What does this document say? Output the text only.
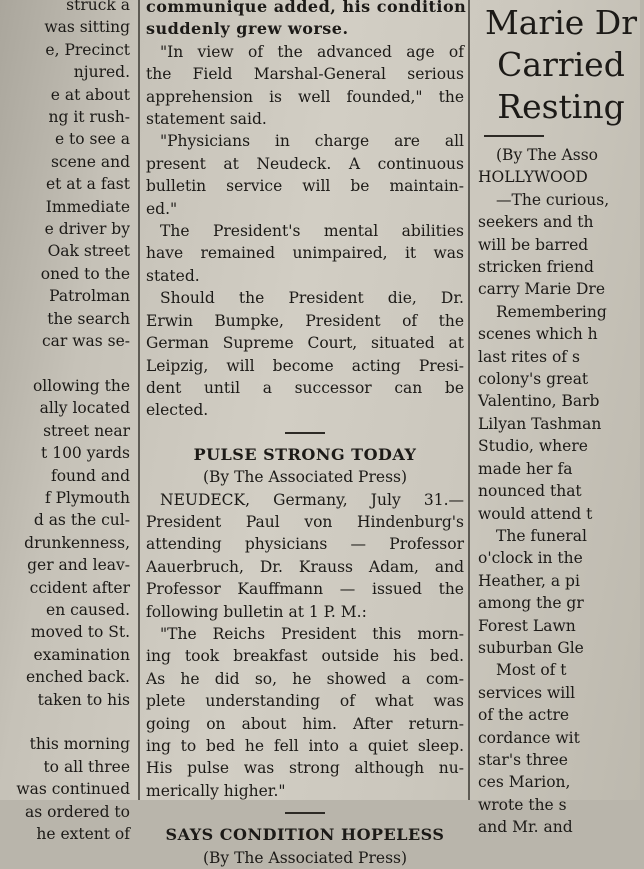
struck a
was sitting
e, Precinct
njured.
e at about
ng it rush-
e to see a
scene and
et at a fast
Immediate
e driver by
Oak street
oned to the
Patrolman
the search
car was se-

ollowing the
ally located
street near
t 100 yards
found and
f Plymouth
d as the cul-
drunkenness,
ger and leav-
ccident after
en caused.
moved to St.
examination
enched back.
taken to his

this morning
to all three
was continued
as ordered to
he extent of
communique added, his condition
suddenly grew worse.
"In view of the advanced age of
the Field Marshal-General serious
apprehension is well founded," the
statement said.
"Physicians in charge are all
present at Neudeck. A continuous
bulletin service will be maintain-
ed."
The President's mental abilities
have remained unimpaired, it was
stated.
Should the President die, Dr.
Erwin Bumpke, President of the
German Supreme Court, situated at
Leipzig, will become acting Presi-
dent until a successor can be
elected.
PULSE STRONG TODAY
(By The Associated Press)
NEUDECK, Germany, July 31.—
President Paul von Hindenburg's
attending physicians — Professor
Aauerbruch, Dr. Krauss Adam, and
Professor Kauffmann — issued the
following bulletin at 1 P. M.:
"The Reichs President this morn-
ing took breakfast outside his bed.
As he did so, he showed a com-
plete understanding of what was
going on about him. After return-
ing to bed he fell into a quiet sleep.
His pulse was strong although nu-
merically higher."
SAYS CONDITION HOPELESS
(By The Associated Press)
Marie Dr
Carried
Resting
(By The Asso
HOLLYWOOD
—The curious,
seekers and th
will be barred
stricken friend
carry Marie Dre
Remembering
scenes which h
last rites of s
colony's great
Valentino, Barb
Lilyan Tashman
Studio, where
made her fa
nounced that
would attend t
The funeral
o'clock in the
Heather, a pi
among the gr
Forest Lawn
suburban Gle
Most of t
services will
of the actre
cordance wit
star's three
ces Marion,
wrote the s
and Mr. and
